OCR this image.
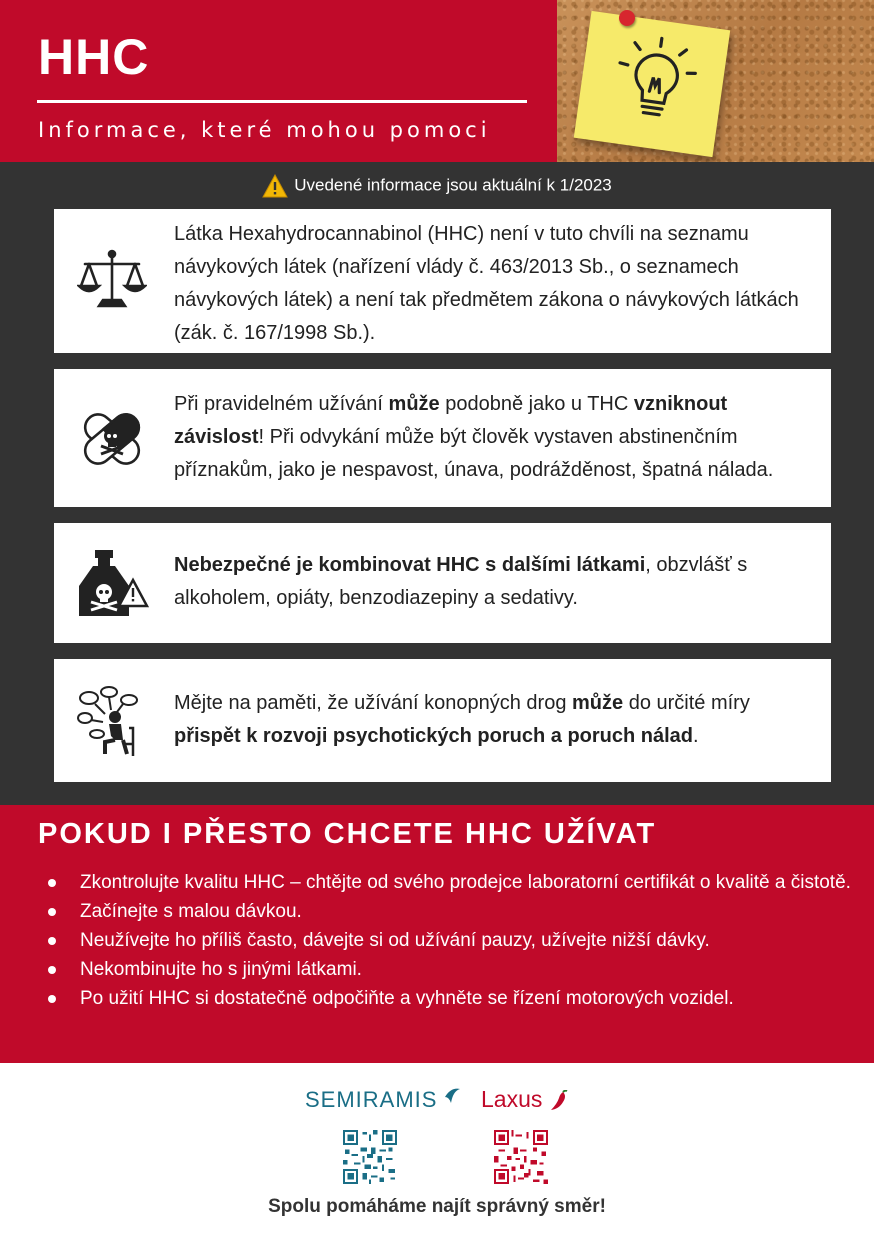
HHC
Informace, které mohou pomoci
Uvedené informace jsou aktuální k 1/2023
Látka Hexahydrocannabinol (HHC) není v tuto chvíli na seznamu návykových látek (nařízení vlády č. 463/2013 Sb., o seznamech návykových látek) a není tak předmětem zákona o návykových látkách (zák. č. 167/1998 Sb.).
Při pravidelném užívání může podobně jako u THC vzniknout závislost! Při odvykání může být člověk vystaven abstinenčním příznakům, jako je nespavost, únava, podrážděnost, špatná nálada.
Nebezpečné je kombinovat HHC s dalšími látkami, obzvlášť s alkoholem, opiáty, benzodiazepiny a sedativy.
Mějte na paměti, že užívání konopných drog může do určité míry přispět k rozvoji psychotických poruch a poruch nálad.
POKUD I PŘESTO CHCETE HHC UŽÍVAT
Zkontrolujte kvalitu HHC – chtějte od svého prodejce laboratorní certifikát o kvalitě a čistotě.
Začínejte s malou dávkou.
Neužívejte ho příliš často, dávejte si od užívání pauzy, užívejte nižší dávky.
Nekombinujte ho s jinými látkami.
Po užití HHC si dostatečně odpočiňte a vyhněte se řízení motorových vozidel.
SEMIRAMIS	Laxus
Spolu pomáháme najít správný směr!
